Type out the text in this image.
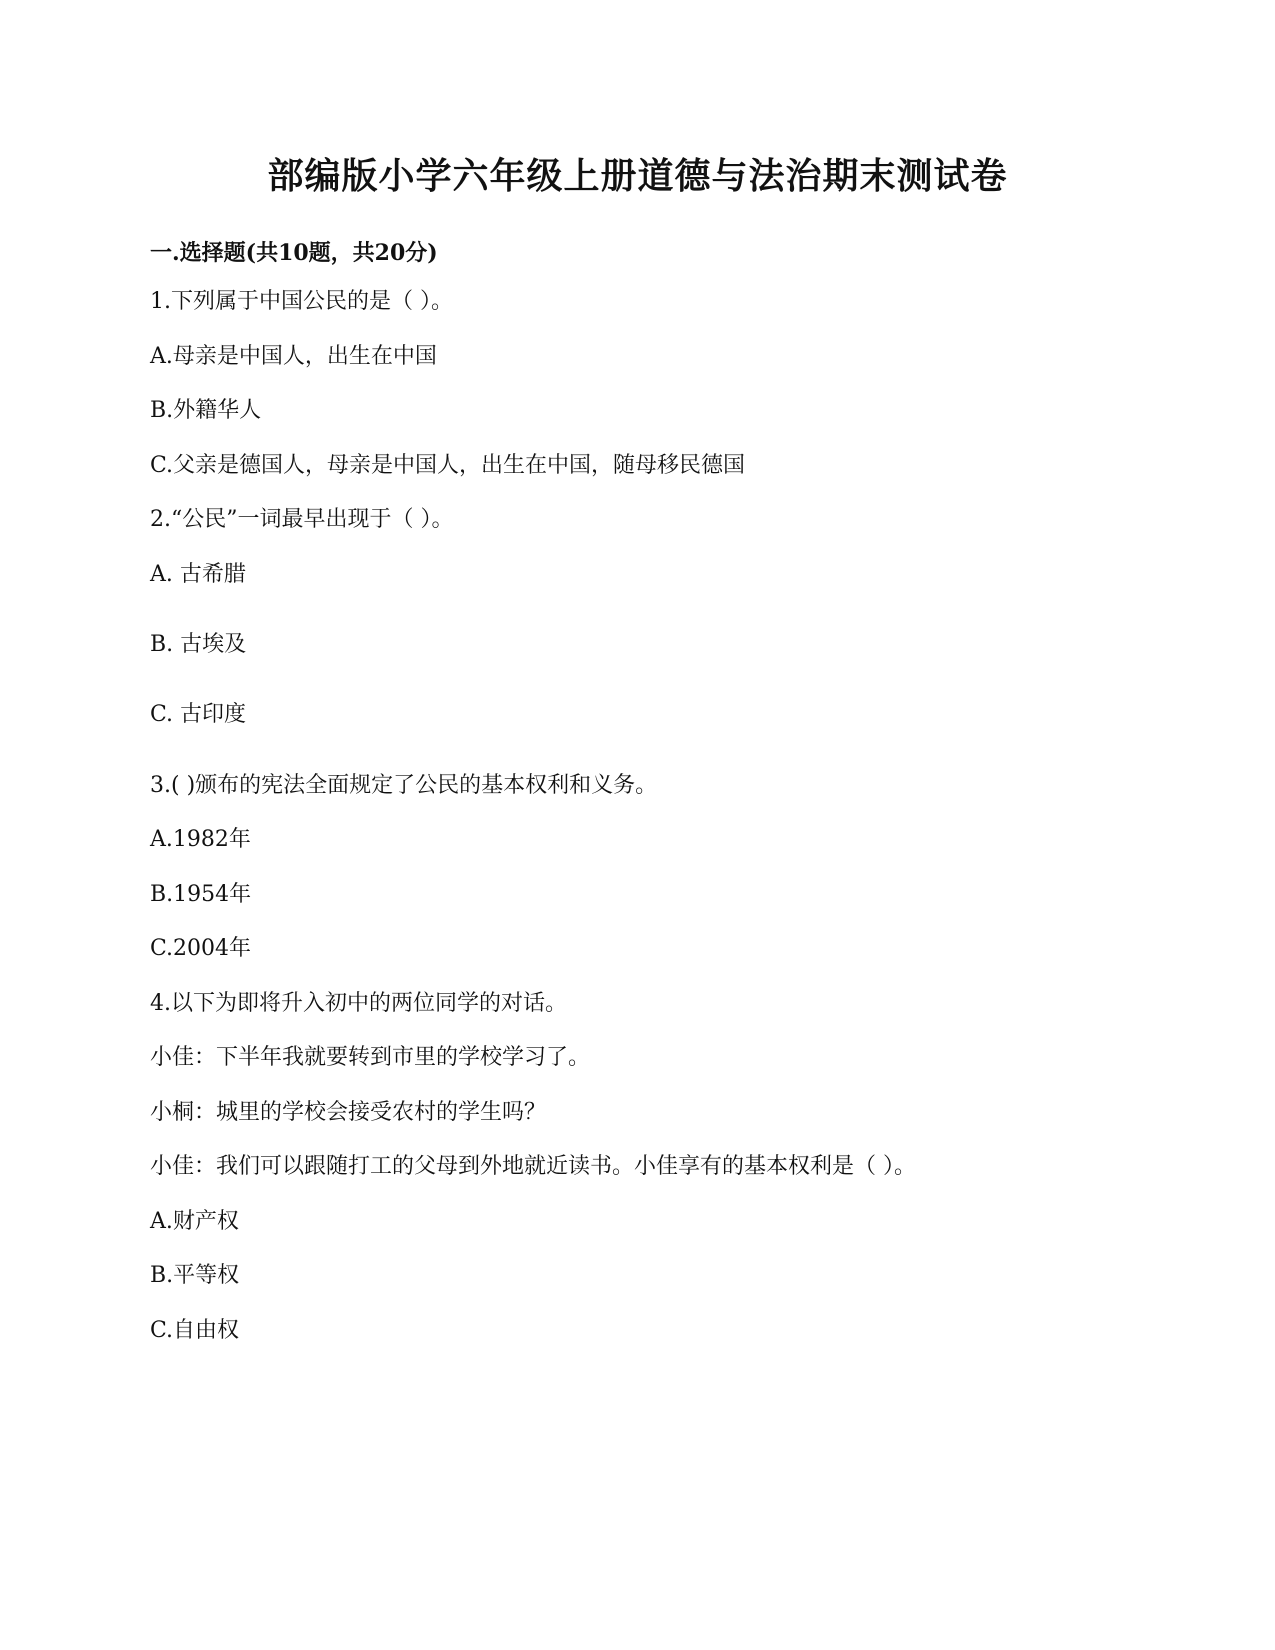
部编版小学六年级上册道德与法治期末测试卷
一.选择题(共10题，共20分)
1.下列属于中国公民的是（ ）。
A.母亲是中国人，出生在中国
B.外籍华人
C.父亲是德国人，母亲是中国人，出生在中国，随母移民德国
2.“公民”一词最早出现于（ ）。
A. 古希腊
B. 古埃及
C. 古印度
3.( )颁布的宪法全面规定了公民的基本权利和义务。
A.1982年
B.1954年
C.2004年
4.以下为即将升入初中的两位同学的对话。
小佳：下半年我就要转到市里的学校学习了。
小桐：城里的学校会接受农村的学生吗？
小佳：我们可以跟随打工的父母到外地就近读书。小佳享有的基本权利是（ ）。
A.财产权
B.平等权
C.自由权
